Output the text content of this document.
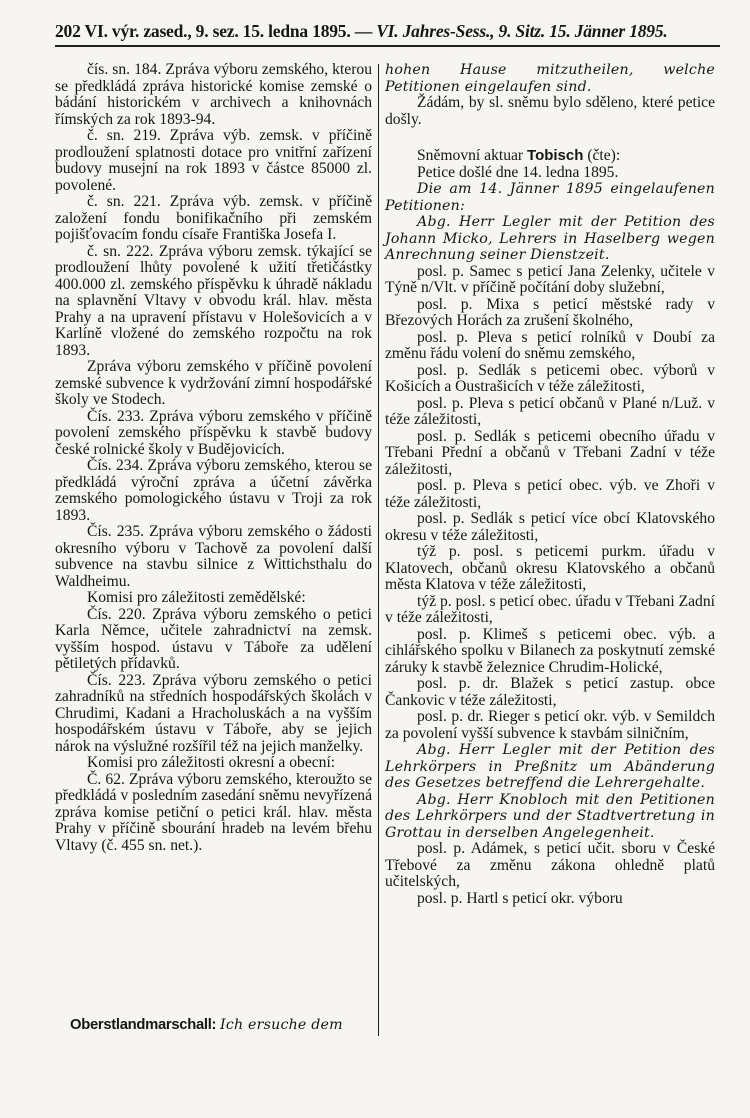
202 VI. výr. zased., 9. sez. 15. ledna 1895. — VI. Jahres-Sess., 9. Sitz. 15. Jänner 1895.

čís. sn. 184. Zpráva výboru zemského, kterou se předkládá zpráva historické komise zemské o bádání historickém v archivech a knihovnách římských za rok 1893-94.

č. sn. 219. Zpráva výb. zemsk. v příčině prodloužení splatnosti dotace pro vnitřní zařízení budovy musejní na rok 1893 v částce 85000 zl. povolené.

č. sn. 221. Zpráva výb. zemsk. v příčině založení fondu bonifikačního při zemském pojišťovacím fondu císaře Františka Josefa I.

č. sn. 222. Zpráva výboru zemsk. týkající se prodloužení lhůty povolené k užití třetičástky 400.000 zl. zemského příspěvku k úhradě nákladu na splavnění Vltavy v obvodu král. hlav. města Prahy a na upravení přístavu v Holešovicích a v Karlíně vložené do zemského rozpočtu na rok 1893.

Zpráva výboru zemského v příčině povolení zemské subvence k vydržování zimní hospodářské školy ve Stodech.

Čís. 233. Zpráva výboru zemského v příčině povolení zemského příspěvku k stavbě budovy české rolnické školy v Budějovicích.

Čís. 234. Zpráva výboru zemského, kterou se předkládá výroční zpráva a účetní závěrka zemského pomologického ústavu v Troji za rok 1893.

Čís. 235. Zpráva výboru zemského o žádosti okresního výboru v Tachově za povolení další subvence na stavbu silnice z Wittichsthalu do Waldheimu.

Komisi pro záležitosti zemědělské:

Čís. 220. Zpráva výboru zemského o petici Karla Němce, učitele zahradnictví na zemsk. vyšším hospod. ústavu v Táboře za udělení pětiletých přídavků.

Čís. 223. Zpráva výboru zemského o petici zahradníků na středních hospodářských školách v Chrudimi, Kadani a Hracholuskách a na vyšším hospodářském ústavu v Táboře, aby se jejich nárok na výslužné rozšířil též na jejich manželky.

Komisi pro záležitosti okresní a obecní:

Č. 62. Zpráva výboru zemského, kteroužto se předkládá v posledním zasedání sněmu nevyřízená zpráva komise petiční o petici král. hlav. města Prahy v příčině sbourání hradeb na levém břehu Vltavy (č. 455 sn. net.).

Oberstlandmarschall: Ich ersuche dem

hohen Hause mitzutheilen, welche Petitionen eingelaufen sind.

Žádám, by sl. sněmu bylo sděleno, které petice došly.

Sněmovní aktuar Tobisch (čte):

Petice došlé dne 14. ledna 1895.

Die am 14. Jänner 1895 eingelaufenen Petitionen:

Abg. Herr Legler mit der Petition des Johann Micko, Lehrers in Haselberg wegen Anrechnung seiner Dienstzeit.

posl. p. Samec s peticí Jana Zelenky, učitele v Týně n/Vlt. v příčině počítání doby služební,

posl. p. Mixa s peticí městské rady v Březových Horách za zrušení školného,

posl. p. Pleva s peticí rolníků v Doubí za změnu řádu volení do sněmu zemského,

posl. p. Sedlák s peticemi obec. výborů v Košicích a Oustrašicích v téže záležitosti,

posl. p. Pleva s peticí občanů v Plané n/Luž. v téže záležitosti,

posl. p. Sedlák s peticemi obecního úřadu v Třebani Přední a občanů v Třebani Zadní v téže záležitosti,

posl. p. Pleva s peticí obec. výb. ve Zhoři v téže záležitosti,

posl. p. Sedlák s peticí více obcí Klatovského okresu v téže záležitosti,

týž p. posl. s peticemi purkm. úřadu v Klatovech, občanů okresu Klatovského a občanů města Klatova v téže záležitosti,

týž p. posl. s peticí obec. úřadu v Třebani Zadní v téže záležitosti,

posl. p. Klimeš s peticemi obec. výb. a cihlářského spolku v Bilanech za poskytnutí zemské záruky k stavbě železnice Chrudim-Holické,

posl. p. dr. Blažek s peticí zastup. obce Čankovic v téže záležitosti,

posl. p. dr. Rieger s peticí okr. výb. v Semildch za povolení vyšší subvence k stavbám silničním,

Abg. Herr Legler mit der Petition des Lehrkörpers in Preßnitz um Abänderung des Gesetzes betreffend die Lehrergehalte.

Abg. Herr Knobloch mit den Petitionen des Lehrkörpers und der Stadtvertretung in Grottau in derselben Angelegenheit.

posl. p. Adámek, s peticí učit. sboru v České Třebové za změnu zákona ohledně platů učitelských,

posl. p. Hartl s peticí okr. výboru
